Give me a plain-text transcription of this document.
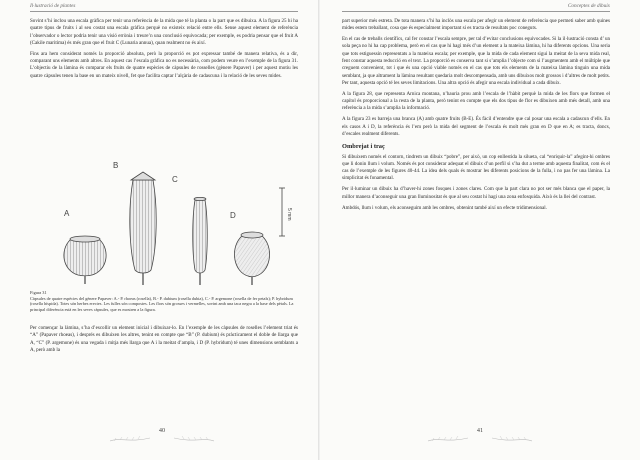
Il·lustració de plantes

Sovint s’hi inclou una escala gràfica per tenir una referència de la mida que té la planta o la part que es dibuixa. A la figura 25 hi ha quatre tipus de fruits i al seu costat una escala gràfica perquè no existeix relació entre ells. Sense aquest element de referència l’observador o lector podria tenir una visió errònia i treure’n una conclusió equivocada; per exemple, es podria pensar que el fruit A (Cakile maritima) és més gran que el fruit C (Lunaria annua), quan realment no és així.

Fins ara hem considerat només la proporció absoluta, però la proporció es pot expressar també de manera relativa, és a dir, comparant uns elements amb altres. En aquest cas l’escala gràfica no es necessària, com podem veure en l’exemple de la figura 31. L’objectiu de la làmina és comparar els fruits de quatre espècies de càpsules de rosselles (gènere Papaver) i per aquest motiu les quatre càpsules tenen la base en un mateix nivell, fet que facilita captar l’alçària de cadascuna i la relació de les seves mides.

5 mm
A
B
C
D
Figura 31
Càpsules de quatre espècies del gènere Papaver: A.- P. rhoeas (rosella), B.- P. dubium (rosella dubia), C.- P. argemone (rosella de fer petals); P. hybridum (rosella híspida). Totes són herbes erectes. Les fulles són compostes. Les flors són grosses i vermelles, sovint amb una taca negra a la base dels pètals. La principal diferència està en les seves càpsules, que es mostren a la figura.

Per començar la làmina, s’ha d’escollir un element inicial i dibuixar-lo. En l’exemple de les càpsules de roselles l’element triat és “A” (Papaver rhoeas), i després es dibuixen les altres, tenint en compte que “B” (P. dubium) és pràcticament el doble de llarga que A, “C” (P. argemone) és una vegada i mitja més llarga que A i la meitat d’ampla, i D (P. hybridum) té unes dimensions semblants a A, però amb la

40
Conceptes de dibuix

part superior més estreta. De tota manera s’hi ha inclòs una escala per afegir un element de referència que permeti saber amb quines mides estem treballant, cosa que és especialment important si es tracta de resultats poc coneguts.

En el cas de treballs científics, cal fer constar l’escala sempre, per tal d’evitar conclusions equivocades. Si la il·lustració consta d’ un sola peça no hi ha cap problema, però en el cas que hi hagi més d’un element a la mateixa làmina, hi ha diferents opcions. Una seria que tots estiguessin representats a la mateixa escala; per exemple, que la mida de cada element sigui la meitat de la seva mida real, fent constar aquesta reducció en el text. La proporció es conserva tant si s’amplia l’objecte com si l’augmentem amb el múltiple que creguem convenient, tot i que és una opció viable només en el cas que tots els elements de la mateixa làmina tinguin una mida semblant, ja que altrament la làmina resultant quedaria molt descompensada, amb uns dibuixos molt grossos i d’altres de molt petits. Per tant, aquesta opció té les seves limitacions. Una altra opció és afegir una escala individual a cada dibuix.

A la figura 28, que representa Arnica montana, n’hauria prou amb l’escala de l’hàbit perquè la mida de les flors que formen el capítol és proporcional a la resta de la planta, però tenint en compte que els dos tipus de flor es dibuixen amb més detall, amb una referència a la mida s’amplia la informació.

A la figura 23 es barreja una branca (A) amb quatre fruits (B-E). És fàcil d’entendre que cal posar una escala a cadascun d’ells. En els casos A i D, la referència és l’em però la mida del segment de l’escala és molt més gran en D que en A; es tracta, doncs, d’escales realment diferents.

Ombrejat i traç

Si dibuixem només el contorn, tindrem un dibuix “pobre”, per això, un cop enllestida la silueta, cal “enriquir-la” afegint-hi ombres que li donin llum i volum. Només és pot considerar adequat el dibuix d’un perfil si s’ha dut a terme amb aquesta finalitat, com és el cas de l’exemple de les figures 40-44. La idea dels quals és mostrar les diferents posicions de la fulla, i no pas fer una làmina. La simplicitat és fonamental.

Per il·luminar un dibuix ha d’haver-hi zones fosques i zones clares. Com que la part clara no pot ser més blanca que el paper, la millor manera d’aconseguir una gran lluminositat és que al seu costat hi hagi una zona enfosquida. Això és la llei del contrast.

Ambdós, llum i volum, els aconseguim amb les ombres, obtenint també així un efecte tridimensional.

41
